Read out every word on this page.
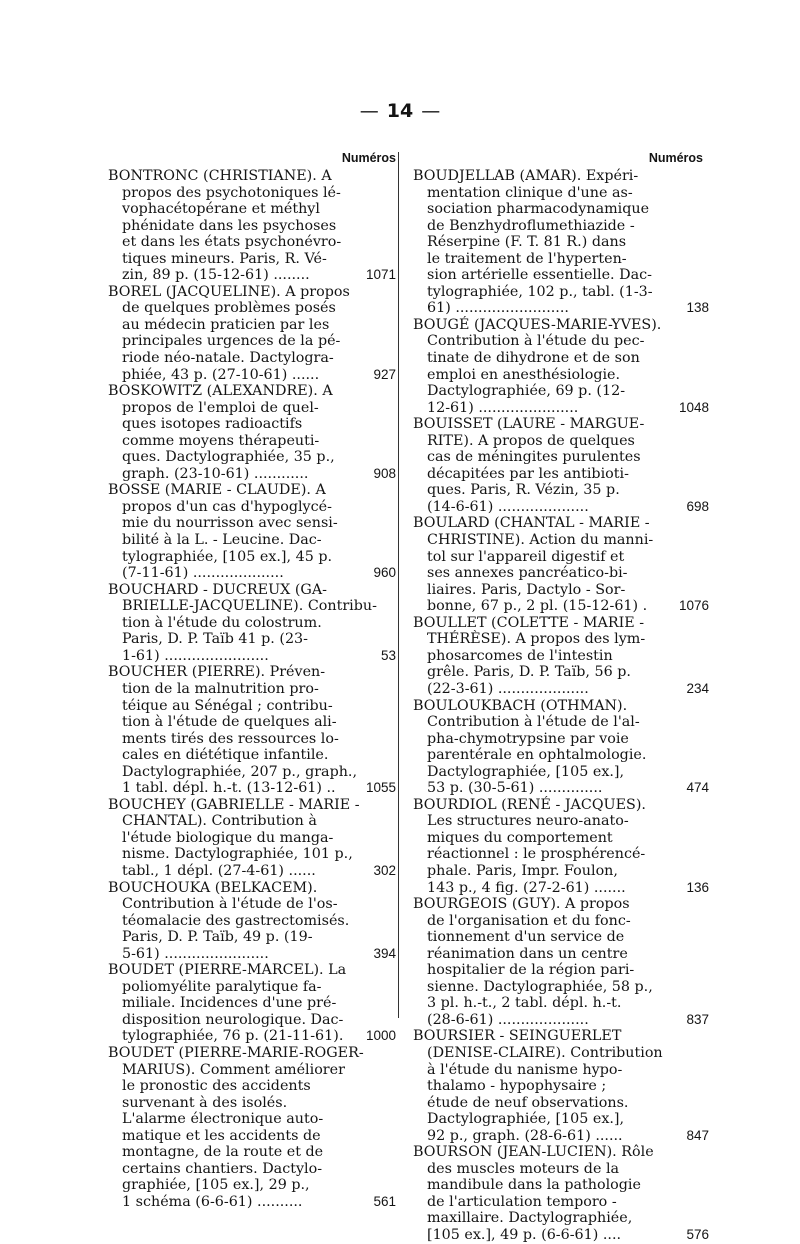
— 14 —
Numéros
BONTRONC (CHRISTIANE). A
propos des psychotoniques lé-
vophacétopérane et méthyl
phénidate dans les psychoses
et dans les états psychonévro-
tiques mineurs. Paris, R. Vé-
zin, 89 p. (15-12-61) ........	1071
BOREL (JACQUELINE). A propos
de quelques problèmes posés
au médecin praticien par les
principales urgences de la pé-
riode néo-natale. Dactylogra-
phiée, 43 p. (27-10-61) ......	927
BOSKOWITZ (ALEXANDRE). A
propos de l'emploi de quel-
ques isotopes radioactifs
comme moyens thérapeuti-
ques. Dactylographiée, 35 p.,
graph. (23-10-61) ............	908
BOSSE (MARIE - CLAUDE). A
propos d'un cas d'hypoglycé-
mie du nourrisson avec sensi-
bilité à la L. - Leucine. Dac-
tylographiée, [105 ex.], 45 p.
(7-11-61) ....................	960
BOUCHARD - DUCREUX (GA-
BRIELLE-JACQUELINE). Contribu-
tion à l'étude du colostrum.
Paris, D. P. Taïb 41 p. (23-
1-61) .......................	53
BOUCHER (PIERRE). Préven-
tion de la malnutrition pro-
téique au Sénégal ; contribu-
tion à l'étude de quelques ali-
ments tirés des ressources lo-
cales en diététique infantile.
Dactylographiée, 207 p., graph.,
1 tabl. dépl. h.-t. (13-12-61) ..	1055
BOUCHEY (GABRIELLE - MARIE -
CHANTAL). Contribution à
l'étude biologique du manga-
nisme. Dactylographiée, 101 p.,
tabl., 1 dépl. (27-4-61) ......	302
BOUCHOUKA (BELKACEM).
Contribution à l'étude de l'os-
téomalacie des gastrectomisés.
Paris, D. P. Taïb, 49 p. (19-
5-61) .......................	394
BOUDET (PIERRE-MARCEL). La
poliomyélite paralytique fa-
miliale. Incidences d'une pré-
disposition neurologique. Dac-
tylographiée, 76 p. (21-11-61).	1000
BOUDET (PIERRE-MARIE-ROGER-
MARIUS). Comment améliorer
le pronostic des accidents
survenant à des isolés.
L'alarme électronique auto-
matique et les accidents de
montagne, de la route et de
certains chantiers. Dactylo-
graphiée, [105 ex.], 29 p.,
1 schéma (6-6-61) ..........	561
Numéros
BOUDJELLAB (AMAR). Expéri-
mentation clinique d'une as-
sociation pharmacodynamique
de Benzhydroflumethiazide -
Réserpine (F. T. 81 R.) dans
le traitement de l'hyperten-
sion artérielle essentielle. Dac-
tylographiée, 102 p., tabl. (1-3-
61) .........................	138
BOUGÉ (JACQUES-MARIE-YVES).
Contribution à l'étude du pec-
tinate de dihydrone et de son
emploi en anesthésiologie.
Dactylographiée, 69 p. (12-
12-61) ......................	1048
BOUISSET (LAURE - MARGUE-
RITE). A propos de quelques
cas de méningites purulentes
décapitées par les antibioti-
ques. Paris, R. Vézin, 35 p.
(14-6-61) ....................	698
BOULARD (CHANTAL - MARIE -
CHRISTINE). Action du manni-
tol sur l'appareil digestif et
ses annexes pancréatico-bi-
liaires. Paris, Dactylo - Sor-
bonne, 67 p., 2 pl. (15-12-61) .	1076
BOULLET (COLETTE - MARIE -
THÉRÈSE). A propos des lym-
phosarcomes de l'intestin
grêle. Paris, D. P. Taïb, 56 p.
(22-3-61) ....................	234
BOULOUKBACH (OTHMAN).
Contribution à l'étude de l'al-
pha-chymotrypsine par voie
parentérale en ophtalmologie.
Dactylographiée, [105 ex.],
53 p. (30-5-61) ..............	474
BOURDIOL (RENÉ - JACQUES).
Les structures neuro-anato-
miques du comportement
réactionnel : le prosphérencé-
phale. Paris, Impr. Foulon,
143 p., 4 fig. (27-2-61) .......	136
BOURGEOIS (GUY). A propos
de l'organisation et du fonc-
tionnement d'un service de
réanimation dans un centre
hospitalier de la région pari-
sienne. Dactylographiée, 58 p.,
3 pl. h.-t., 2 tabl. dépl. h.-t.
(28-6-61) ....................	837
BOURSIER - SEINGUERLET
(DENISE-CLAIRE). Contribution
à l'étude du nanisme hypo-
thalamo - hypophysaire ;
étude de neuf observations.
Dactylographiée, [105 ex.],
92 p., graph. (28-6-61) ......	847
BOURSON (JEAN-LUCIEN). Rôle
des muscles moteurs de la
mandibule dans la pathologie
de l'articulation temporo -
maxillaire. Dactylographiée,
[105 ex.], 49 p. (6-6-61) ....	576
